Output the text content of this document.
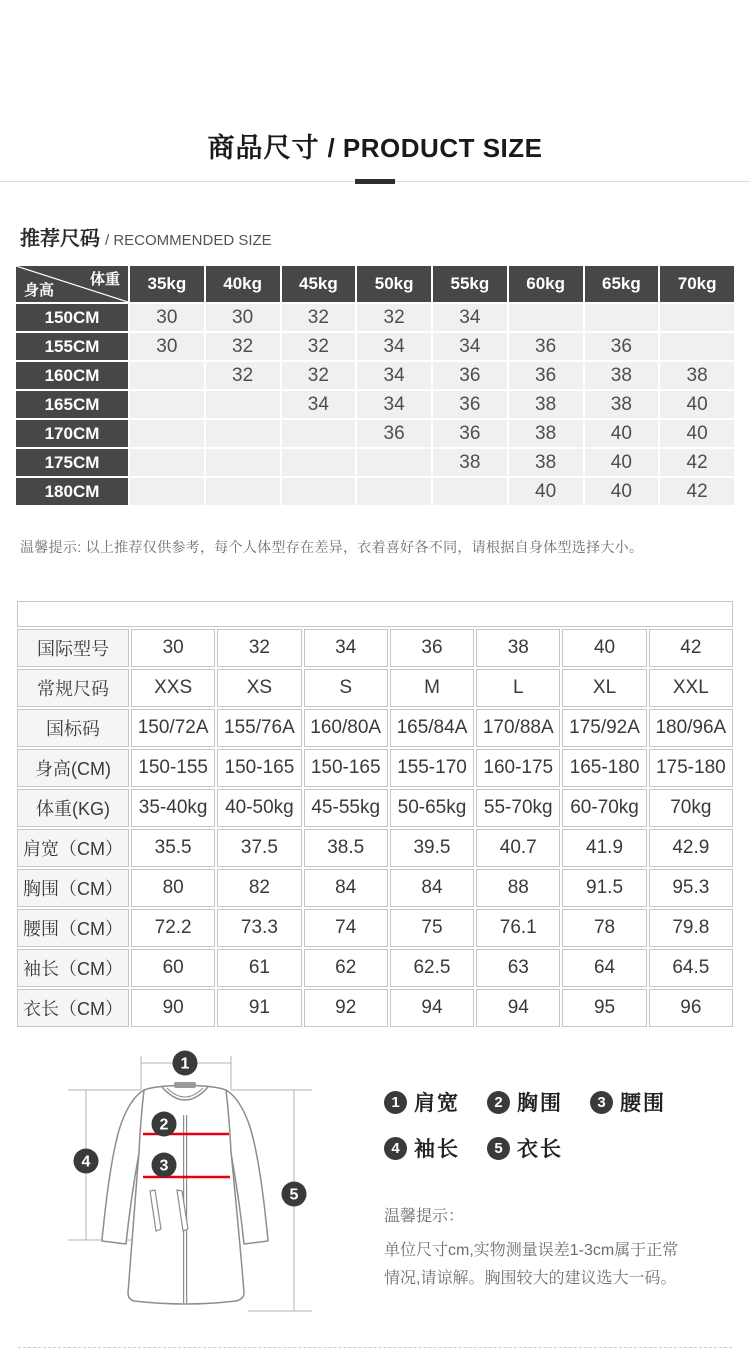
商品尺寸 / PRODUCT SIZE
推荐尺码 / RECOMMENDED SIZE
体重
身高	35kg	40kg	45kg	50kg	55kg	60kg	65kg	70kg
150CM	30	30	32	32	34			
155CM	30	32	32	34	34	36	36	
160CM		32	32	34	36	36	38	38
165CM			34	34	36	38	38	40
170CM				36	36	38	40	40
175CM					38	38	40	42
180CM						40	40	42
温馨提示: 以上推荐仅供参考，每个人体型存在差异，衣着喜好各不同，请根据自身体型选择大小。

国际型号	30	32	34	36	38	40	42
常规尺码	XXS	XS	S	M	L	XL	XXL
国标码	150/72A	155/76A	160/80A	165/84A	170/88A	175/92A	180/96A
身高(CM)	150-155	150-165	150-165	155-170	160-175	165-180	175-180
体重(KG)	35-40kg	40-50kg	45-55kg	50-65kg	55-70kg	60-70kg	70kg
肩宽（CM）	35.5	37.5	38.5	39.5	40.7	41.9	42.9
胸围（CM）	80	82	84	84	88	91.5	95.3
腰围（CM）	72.2	73.3	74	75	76.1	78	79.8
袖长（CM）	60	61	62	62.5	63	64	64.5
衣长（CM）	90	91	92	94	94	95	96
1
2
3
4
5
1 肩宽	2 胸围	3 腰围
4 袖长	5 衣长
温馨提示：
单位尺寸cm,实物测量误差1-3cm属于正常
情况,请谅解。胸围较大的建议选大一码。
